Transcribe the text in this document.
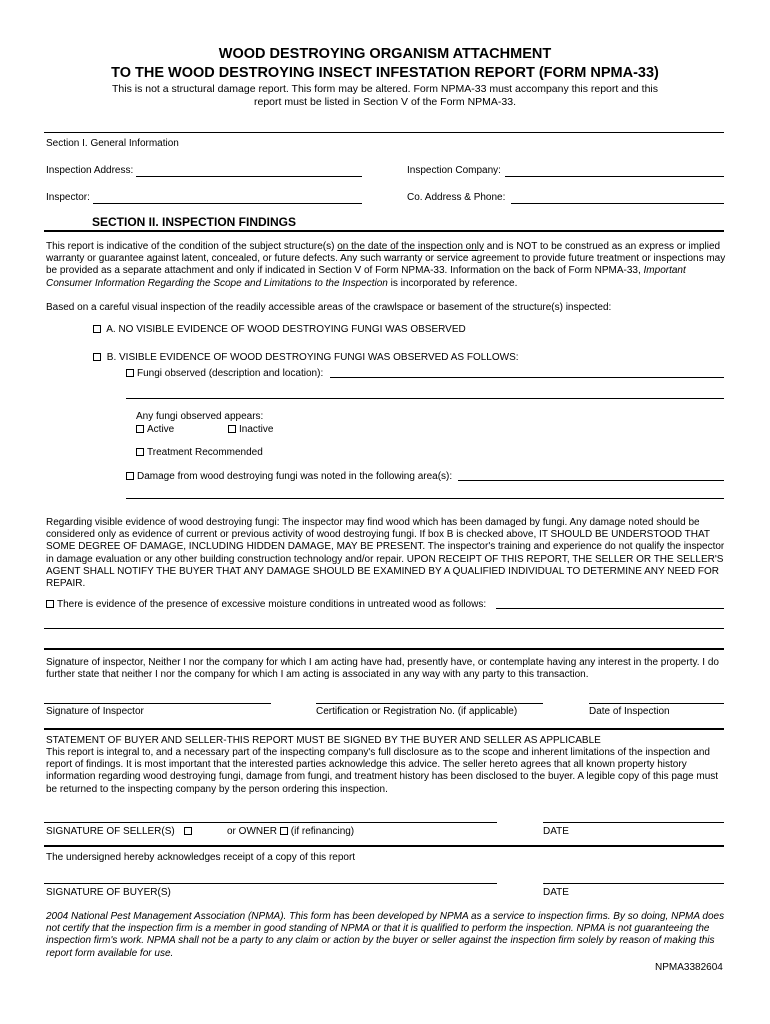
WOOD DESTROYING ORGANISM ATTACHMENT
TO THE WOOD DESTROYING INSECT INFESTATION REPORT (FORM NPMA-33)
This is not a structural damage report. This form may be altered. Form NPMA-33 must accompany this report and this
report must be listed in Section V of the Form NPMA-33.
Section I. General Information
Inspection Address:	Inspection Company:
Inspector:	Co. Address & Phone:
SECTION II. INSPECTION FINDINGS
This report is indicative of the condition of the subject structure(s) on the date of the inspection only and is NOT to be construed as an express or implied warranty or guarantee against latent, concealed, or future defects. Any such warranty or service agreement to provide future treatment or inspections may be provided as a separate attachment and only if indicated in Section V of Form NPMA-33. Information on the back of Form NPMA-33, Important Consumer Information Regarding the Scope and Limitations to the Inspection is incorporated by reference.
Based on a careful visual inspection of the readily accessible areas of the crawlspace or basement of the structure(s) inspected:
A. NO VISIBLE EVIDENCE OF WOOD DESTROYING FUNGI WAS OBSERVED
B. VISIBLE EVIDENCE OF WOOD DESTROYING FUNGI WAS OBSERVED AS FOLLOWS:
Fungi observed (description and location):
Any fungi observed appears:
Active	Inactive
Treatment Recommended
Damage from wood destroying fungi was noted in the following area(s):
Regarding visible evidence of wood destroying fungi: The inspector may find wood which has been damaged by fungi. Any damage noted should be considered only as evidence of current or previous activity of wood destroying fungi. If box B is checked above, IT SHOULD BE UNDERSTOOD THAT SOME DEGREE OF DAMAGE, INCLUDING HIDDEN DAMAGE, MAY BE PRESENT. The inspector's training and experience do not qualify the inspector in damage evaluation or any other building construction technology and/or repair. UPON RECEIPT OF THIS REPORT, THE SELLER OR THE SELLER'S AGENT SHALL NOTIFY THE BUYER THAT ANY DAMAGE SHOULD BE EXAMINED BY A QUALIFIED INDIVIDUAL TO DETERMINE ANY NEED FOR REPAIR.
There is evidence of the presence of excessive moisture conditions in untreated wood as follows:
Signature of inspector, Neither I nor the company for which I am acting have had, presently have, or contemplate having any interest in the property. I do further state that neither I nor the company for which I am acting is associated in any way with any party to this transaction.
Signature of Inspector	Certification or Registration No. (if applicable)	Date of Inspection
STATEMENT OF BUYER AND SELLER-THIS REPORT MUST BE SIGNED BY THE BUYER AND SELLER AS APPLICABLE
This report is integral to, and a necessary part of the inspecting company's full disclosure as to the scope and inherent limitations of the inspection and report of findings. It is most important that the interested parties acknowledge this advice. The seller hereto agrees that all known property history information regarding wood destroying fungi, damage from fungi, and treatment history has been disclosed to the buyer. A legible copy of this page must be returned to the inspecting company by the person ordering this inspection.
SIGNATURE OF SELLER(S)	or OWNER (if refinancing)	DATE
The undersigned hereby acknowledges receipt of a copy of this report
SIGNATURE OF BUYER(S)	DATE
2004 National Pest Management Association (NPMA). This form has been developed by NPMA as a service to inspection firms. By so doing, NPMA does not certify that the inspection firm is a member in good standing of NPMA or that it is qualified to perform the inspection. NPMA is not guaranteeing the inspection firm's work. NPMA shall not be a party to any claim or action by the buyer or seller against the inspection firm solely by reason of making this report form available for use.
NPMA3382604
